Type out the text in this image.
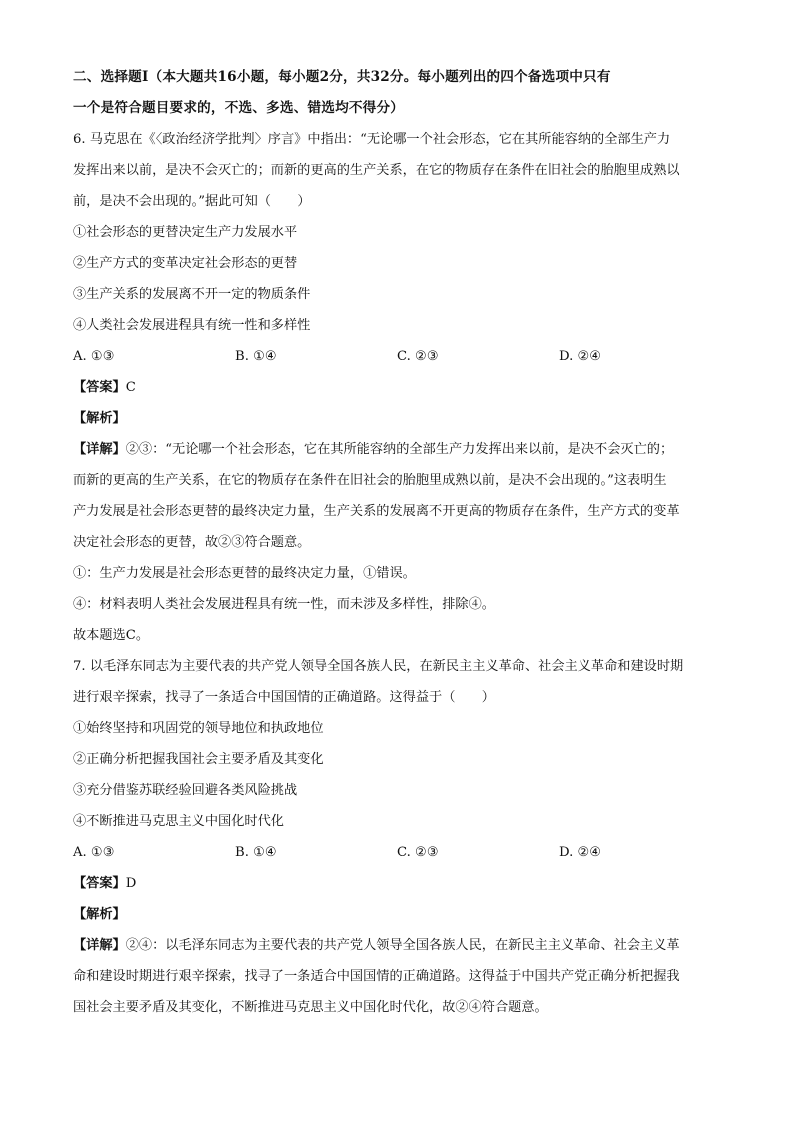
二、选择题Ⅰ（本大题共16小题，每小题2分，共32分。每小题列出的四个备选项中只有
一个是符合题目要求的，不选、多选、错选均不得分）
6. 马克思在《〈政治经济学批判〉序言》中指出：“无论哪一个社会形态，它在其所能容纳的全部生产力
发挥出来以前，是决不会灭亡的；而新的更高的生产关系，在它的物质存在条件在旧社会的胎胞里成熟以
前，是决不会出现的。”据此可知（　　）
①社会形态的更替决定生产力发展水平
②生产方式的变革决定社会形态的更替
③生产关系的发展离不开一定的物质条件
④人类社会发展进程具有统一性和多样性
A. ①③	B. ①④	C. ②③	D. ②④
【答案】C
【解析】
【详解】②③：“无论哪一个社会形态，它在其所能容纳的全部生产力发挥出来以前，是决不会灭亡的；
而新的更高的生产关系，在它的物质存在条件在旧社会的胎胞里成熟以前，是决不会出现的。”这表明生
产力发展是社会形态更替的最终决定力量，生产关系的发展离不开更高的物质存在条件，生产方式的变革
决定社会形态的更替，故②③符合题意。
①：生产力发展是社会形态更替的最终决定力量，①错误。
④：材料表明人类社会发展进程具有统一性，而未涉及多样性，排除④。
故本题选C。
7. 以毛泽东同志为主要代表的共产党人领导全国各族人民，在新民主主义革命、社会主义革命和建设时期
进行艰辛探索，找寻了一条适合中国国情的正确道路。这得益于（　　）
①始终坚持和巩固党的领导地位和执政地位
②正确分析把握我国社会主要矛盾及其变化
③充分借鉴苏联经验回避各类风险挑战
④不断推进马克思主义中国化时代化
A. ①③	B. ①④	C. ②③	D. ②④
【答案】D
【解析】
【详解】②④：以毛泽东同志为主要代表的共产党人领导全国各族人民，在新民主主义革命、社会主义革
命和建设时期进行艰辛探索，找寻了一条适合中国国情的正确道路。这得益于中国共产党正确分析把握我
国社会主要矛盾及其变化，不断推进马克思主义中国化时代化，故②④符合题意。
